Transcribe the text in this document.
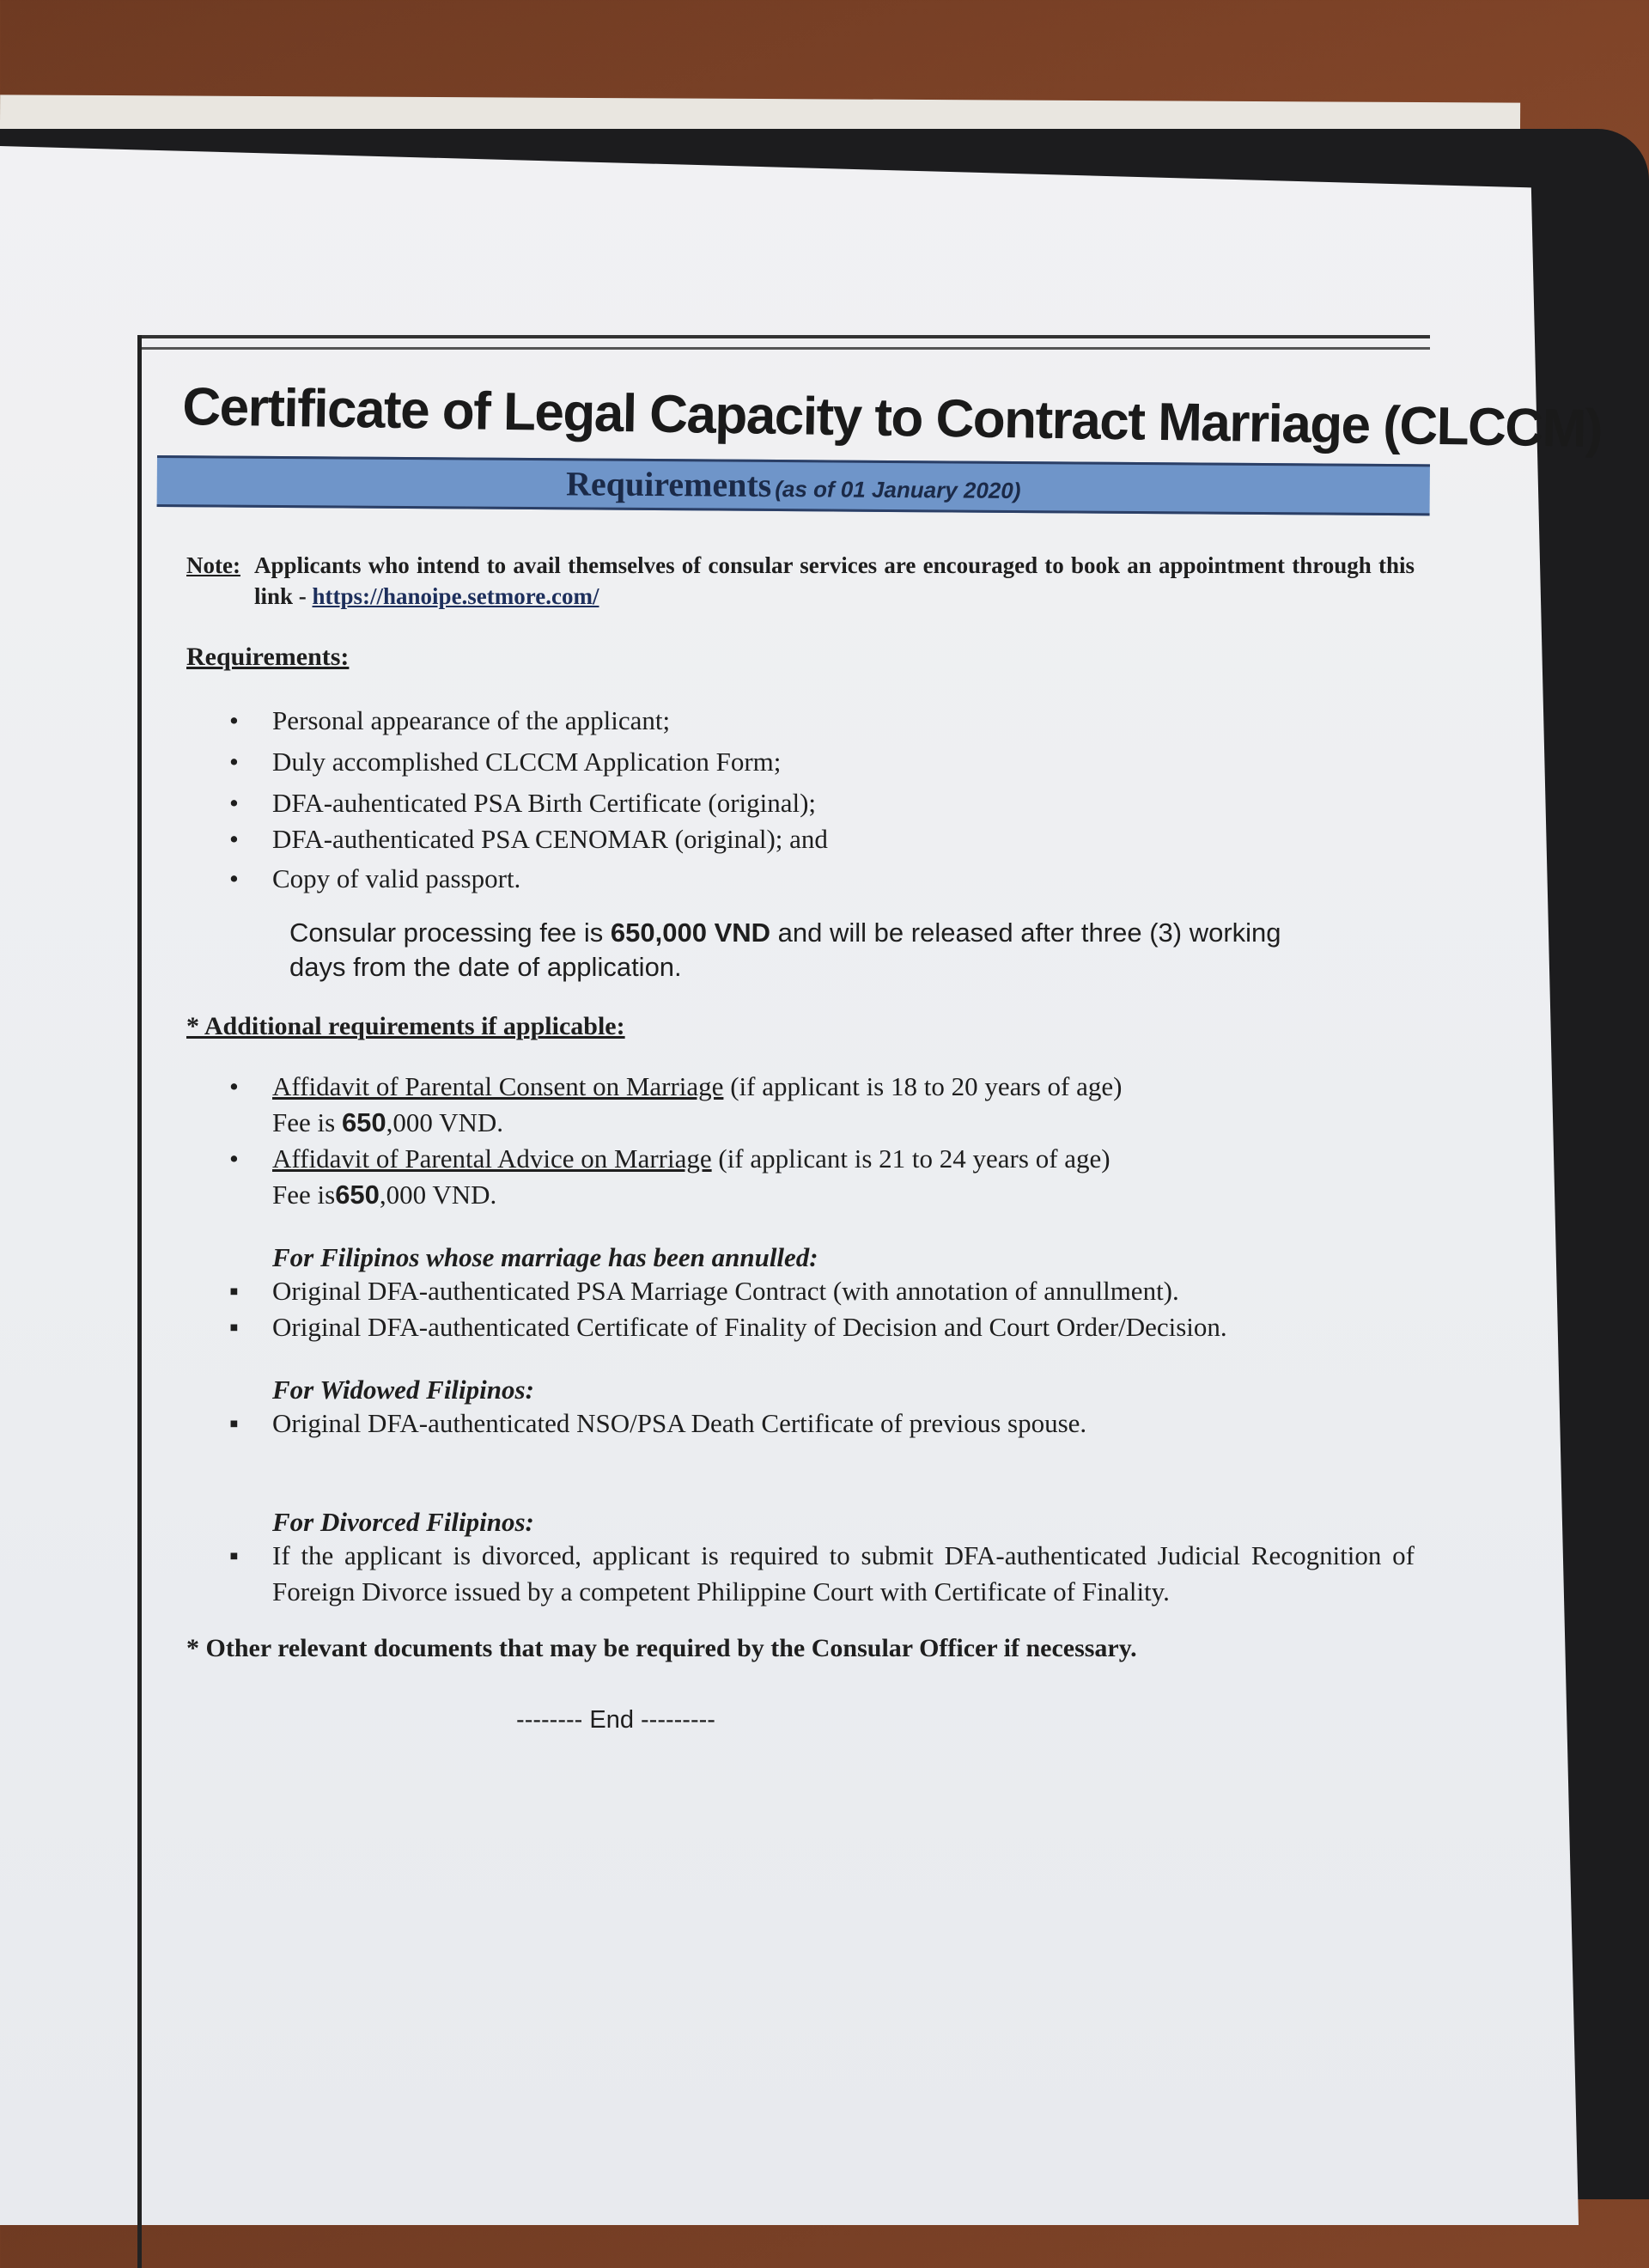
Certificate of Legal Capacity to Contract Marriage (CLCCM)
Requirements (as of 01 January 2020)
Note: Applicants who intend to avail themselves of consular services are encouraged to book an appointment through this link - https://hanoipe.setmore.com/
Requirements:
• Personal appearance of the applicant;
• Duly accomplished CLCCM Application Form;
• DFA-auhenticated PSA Birth Certificate (original);
• DFA-authenticated PSA CENOMAR (original); and
• Copy of valid passport.
Consular processing fee is 650,000 VND and will be released after three (3) working days from the date of application.
* Additional requirements if applicable:
• Affidavit of Parental Consent on Marriage (if applicant is 18 to 20 years of age)
Fee is 650,000 VND.
• Affidavit of Parental Advice on Marriage (if applicant is 21 to 24 years of age)
Fee is650,000 VND.
For Filipinos whose marriage has been annulled:
▪ Original DFA-authenticated PSA Marriage Contract (with annotation of annullment).
▪ Original DFA-authenticated Certificate of Finality of Decision and Court Order/Decision.
For Widowed Filipinos:
▪ Original DFA-authenticated NSO/PSA Death Certificate of previous spouse.
For Divorced Filipinos:
▪ If the applicant is divorced, applicant is required to submit DFA-authenticated Judicial Recognition of Foreign Divorce issued by a competent Philippine Court with Certificate of Finality.
* Other relevant documents that may be required by the Consular Officer if necessary.
-------- End ---------
